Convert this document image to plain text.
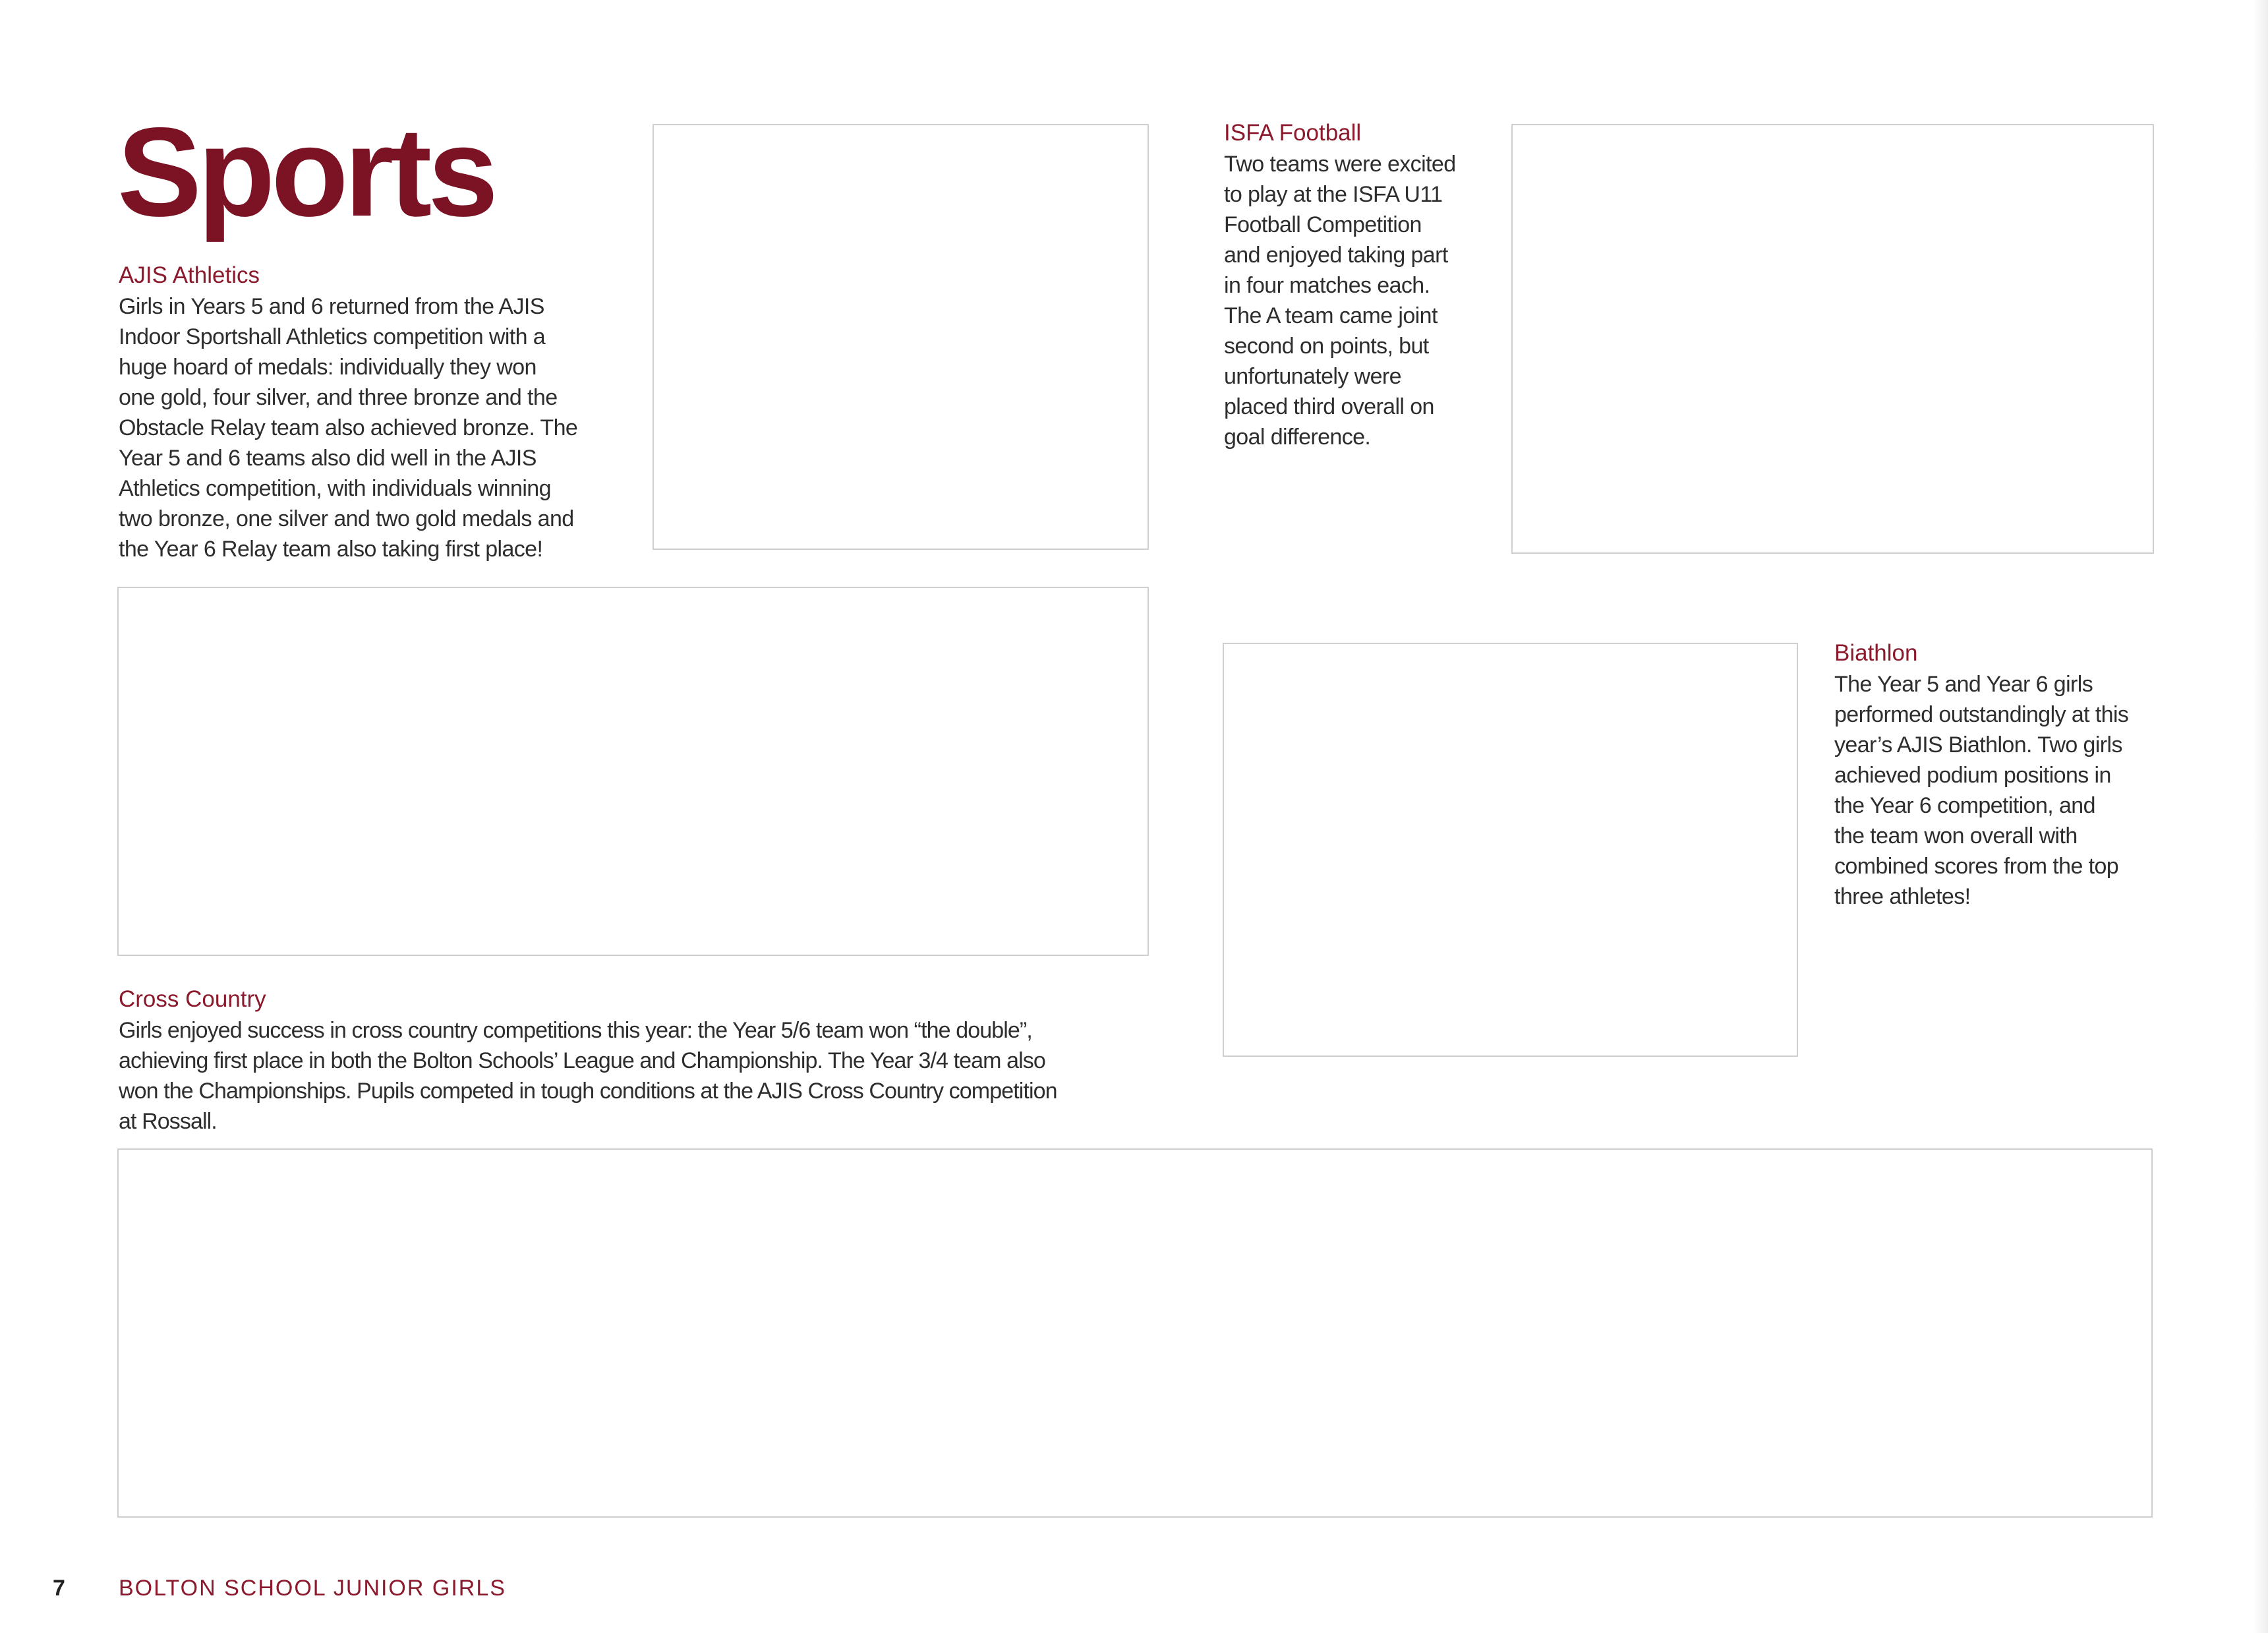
Sports
AJIS Athletics
Girls in Years 5 and 6 returned from the AJIS
Indoor Sportshall Athletics competition with a
huge hoard of medals: individually they won
one gold, four silver, and three bronze and the
Obstacle Relay team also achieved bronze. The
Year 5 and 6 teams also did well in the AJIS
Athletics competition, with individuals winning
two bronze, one silver and two gold medals and
the Year 6 Relay team also taking first place!
ISFA Football
Two teams were excited
to play at the ISFA U11
Football Competition
and enjoyed taking part
in four matches each.
The A team came joint
second on points, but
unfortunately were
placed third overall on
goal difference.
Biathlon
The Year 5 and Year 6 girls
performed outstandingly at this
year’s AJIS Biathlon. Two girls
achieved podium positions in
the Year 6 competition, and
the team won overall with
combined scores from the top
three athletes!
Cross Country
Girls enjoyed success in cross country competitions this year: the Year 5/6 team won “the double”,
achieving first place in both the Bolton Schools’ League and Championship. The Year 3/4 team also
won the Championships. Pupils competed in tough conditions at the AJIS Cross Country competition
at Rossall.
7 BOLTON SCHOOL JUNIOR GIRLS
